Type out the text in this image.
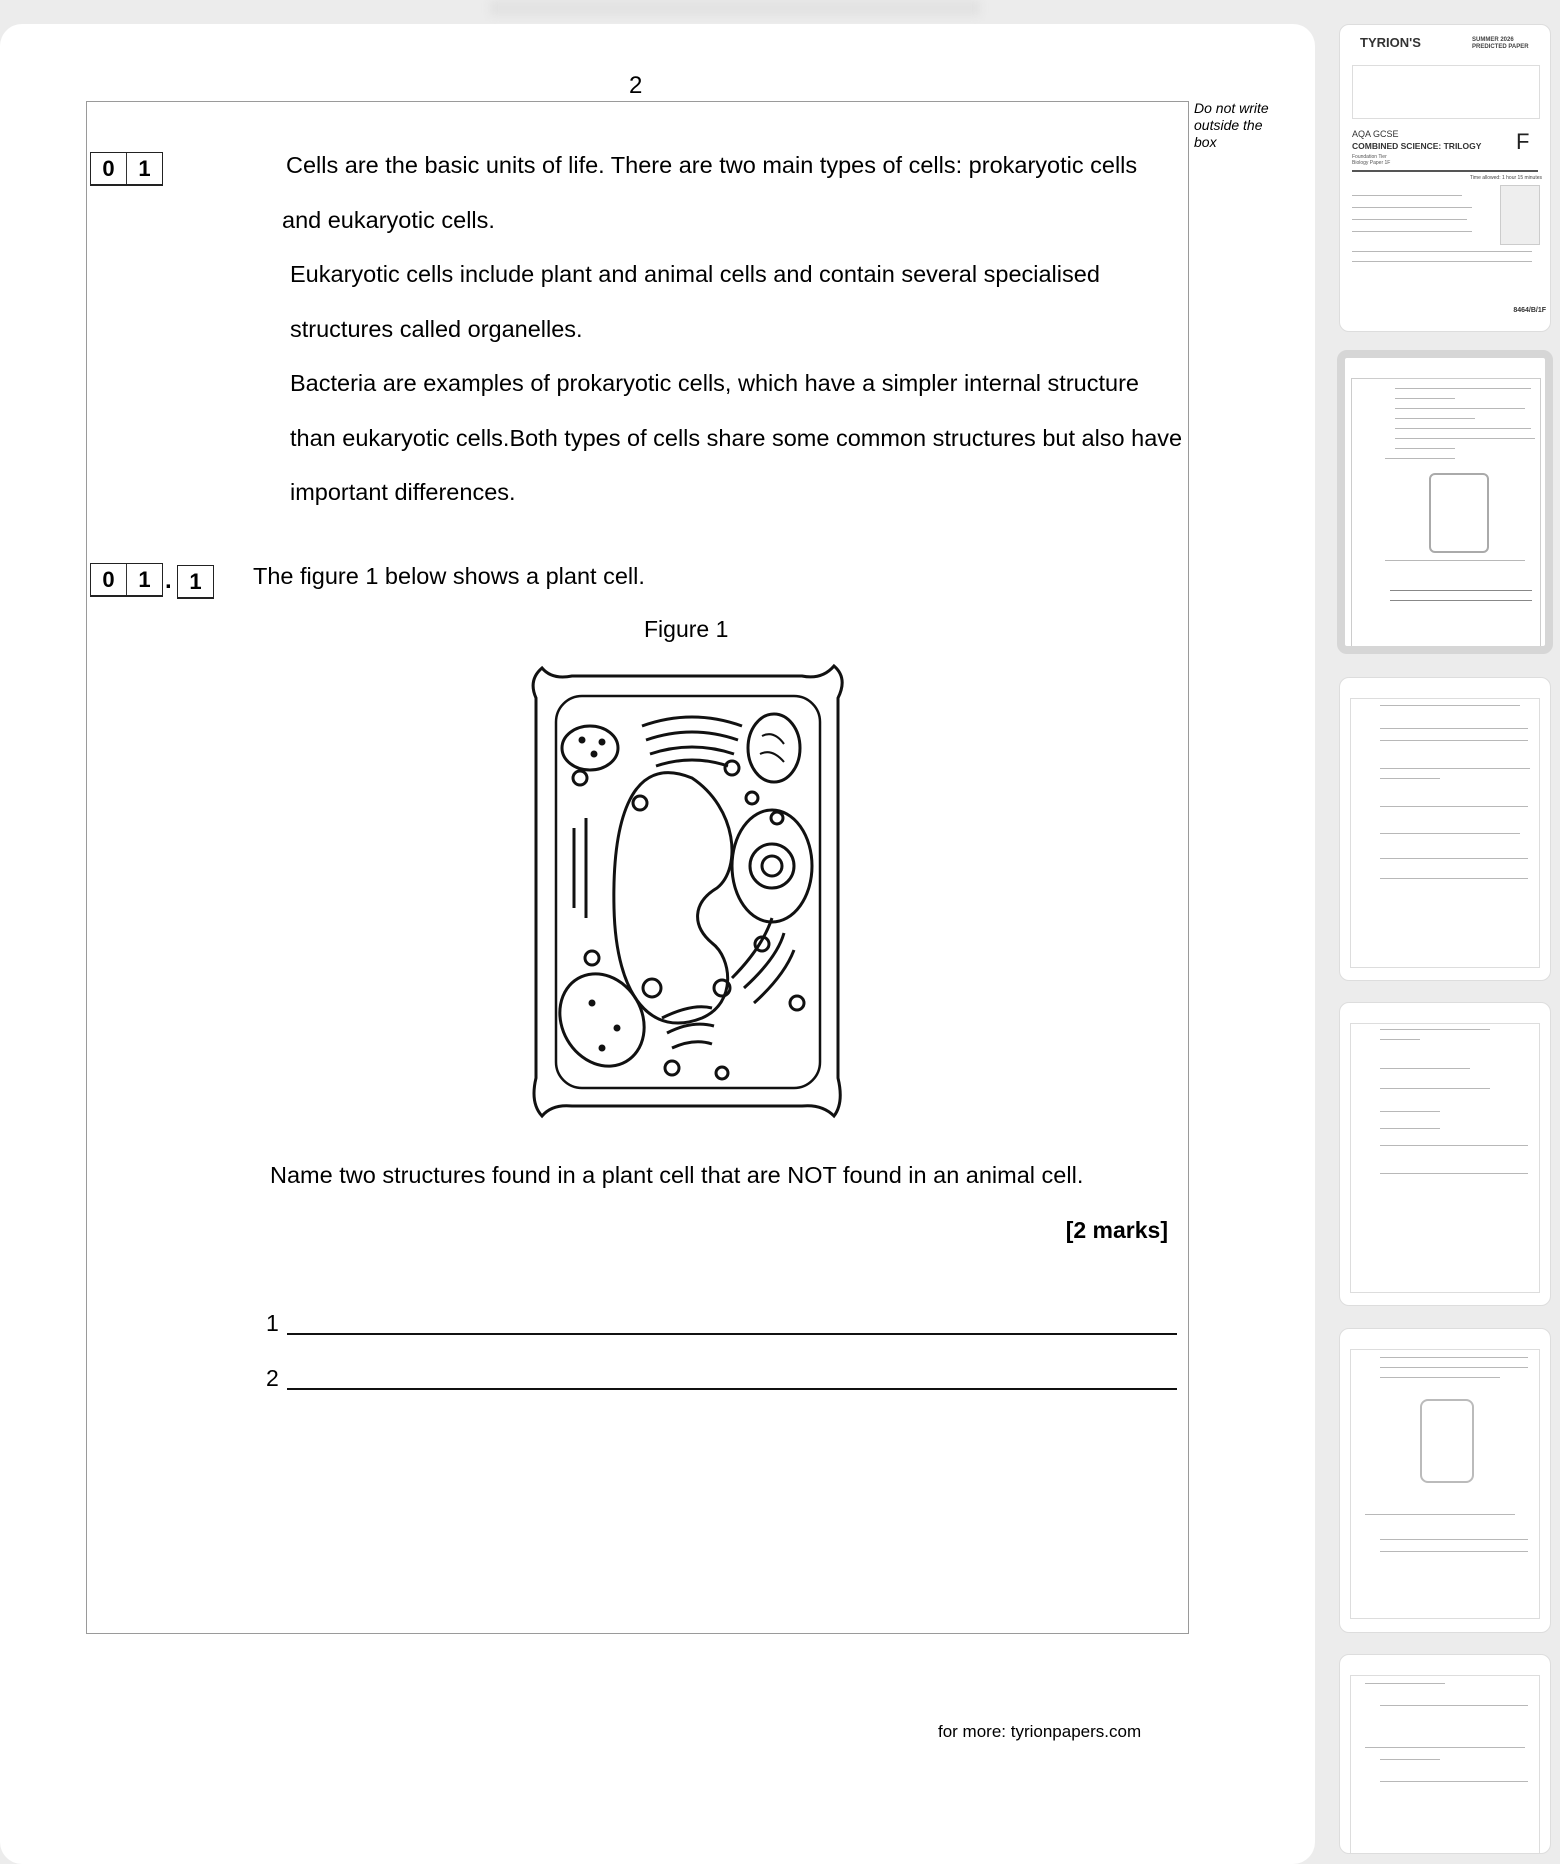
2
Do not write outside the box
0	1	Cells are the basic units of life. There are two main types of cells: prokaryotic cells
and eukaryotic cells.
Eukaryotic cells include plant and animal cells and contain several specialised
structures called organelles.
Bacteria are examples of prokaryotic cells, which have a simpler internal structure
than eukaryotic cells.Both types of cells share some common structures but also have
important differences.
0	1 . 1	The figure 1 below shows a plant cell.
Figure 1
Name two structures found in a plant cell that are NOT found in an animal cell.
[2 marks]
1
2
for more: tyrionpapers.com
TYRION'S	SUMMER 2026
PREDICTED PAPER
AQA GCSE
COMBINED SCIENCE: TRILOGY F
Foundation Tier
Biology Paper 1F
Time allowed: 1 hour 15 minutes
8464/B/1F
